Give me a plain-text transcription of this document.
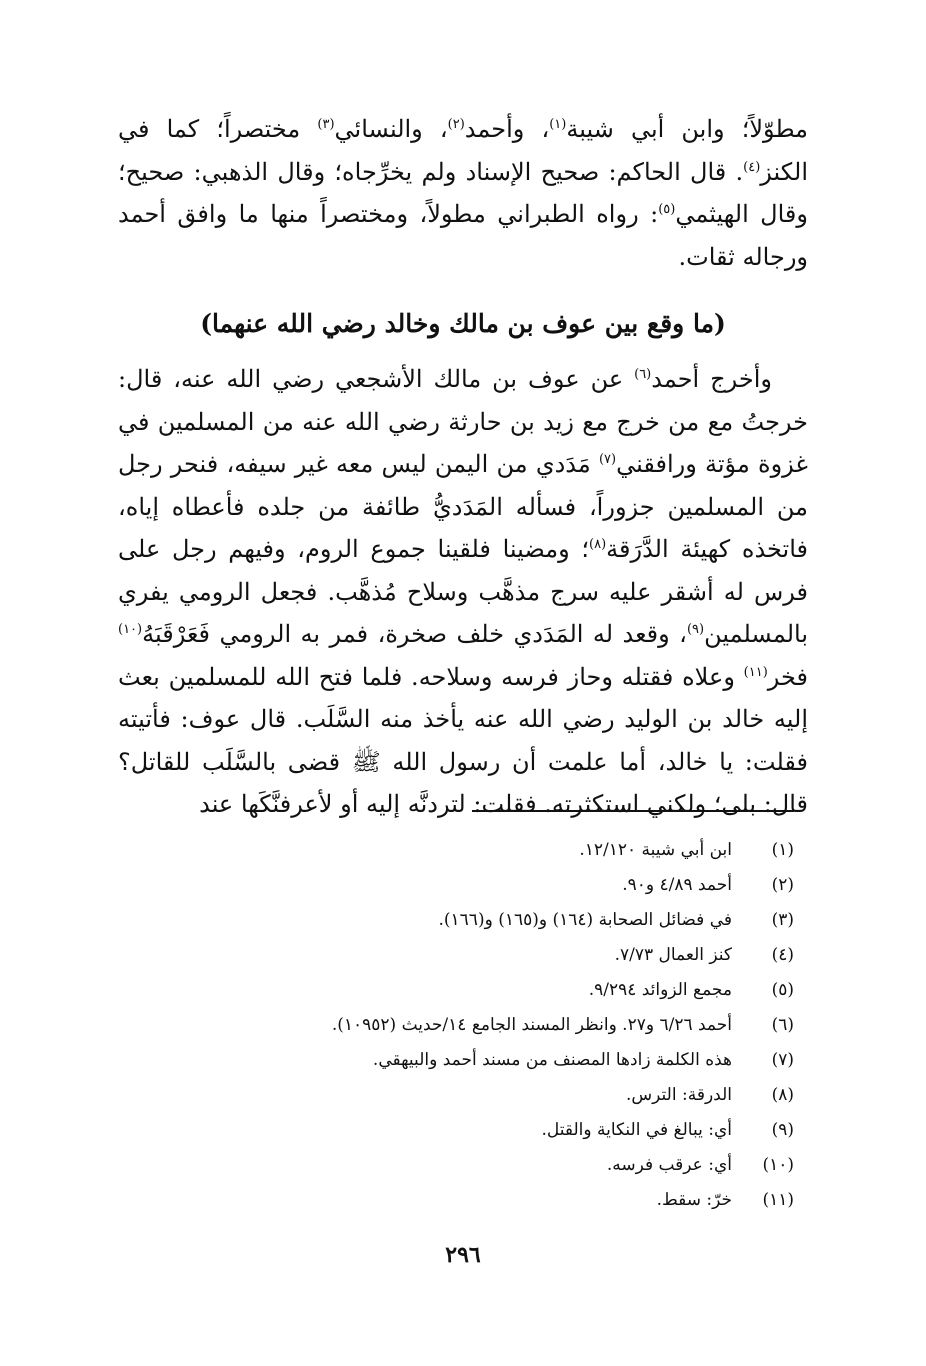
مطوّلاً؛ وابن أبي شيبة$^{(١)}$، وأحمد$^{(٢)}$، والنسائي$^{(٣)}$ مختصراً؛ كما في الكنز$^{(٤)}$. قال الحاكم: صحيح الإسناد ولم يخرِّجاه؛ وقال الذهبي: صحيح؛ وقال الهيثمي$^{(٥)}$: رواه الطبراني مطولاً، ومختصراً منها ما وافق أحمد ورجاله ثقات.

(ما وقع بين عوف بن مالك وخالد رضي الله عنهما)

وأخرج أحمد$^{(٦)}$ عن عوف بن مالك الأشجعي رضي الله عنه، قال: خرجتُ مع من خرج مع زيد بن حارثة رضي الله عنه من المسلمين في غزوة مؤتة ورافقني$^{(٧)}$ مَدَدي من اليمن ليس معه غير سيفه، فنحر رجل من المسلمين جزوراً، فسأله المَدَديُّ طائفة من جلده فأعطاه إياه، فاتخذه كهيئة الدَّرَقة$^{(٨)}$؛ ومضينا فلقينا جموع الروم، وفيهم رجل على فرس له أشقر عليه سرج مذهَّب وسلاح مُذهَّب. فجعل الرومي يفري بالمسلمين$^{(٩)}$، وقعد له المَدَدي خلف صخرة، فمر به الرومي فَعَرْقَبَهُ$^{(١٠)}$ فخر$^{(١١)}$ وعلاه فقتله وحاز فرسه وسلاحه. فلما فتح الله للمسلمين بعث إليه خالد بن الوليد رضي الله عنه يأخذ منه السَّلَب. قال عوف: فأتيته فقلت: يا خالد، أما علمت أن رسول الله ﷺ قضى بالسَّلَب للقاتل؟ قال: بلى؛ ولكني استكثرته. فقلت: لتردنَّه إليه أو لأعرفنَّكَها عند

(١)
ابن أبي شيبة ١٢/١٢٠.
(٢)
أحمد ٤/٨٩ و٩٠.
(٣)
في فضائل الصحابة (١٦٤) و(١٦٥) و(١٦٦).
(٤)
كنز العمال ٧/٧٣.
(٥)
مجمع الزوائد ٩/٢٩٤.
(٦)
أحمد ٦/٢٦ و٢٧. وانظر المسند الجامع ١٤/حديث (١٠٩٥٢).
(٧)
هذه الكلمة زادها المصنف من مسند أحمد والبيهقي.
(٨)
الدرقة: الترس.
(٩)
أي: يبالغ في النكاية والقتل.
(١٠)
أي: عرقب فرسه.
(١١)
خرّ: سقط.
٢٩٦
